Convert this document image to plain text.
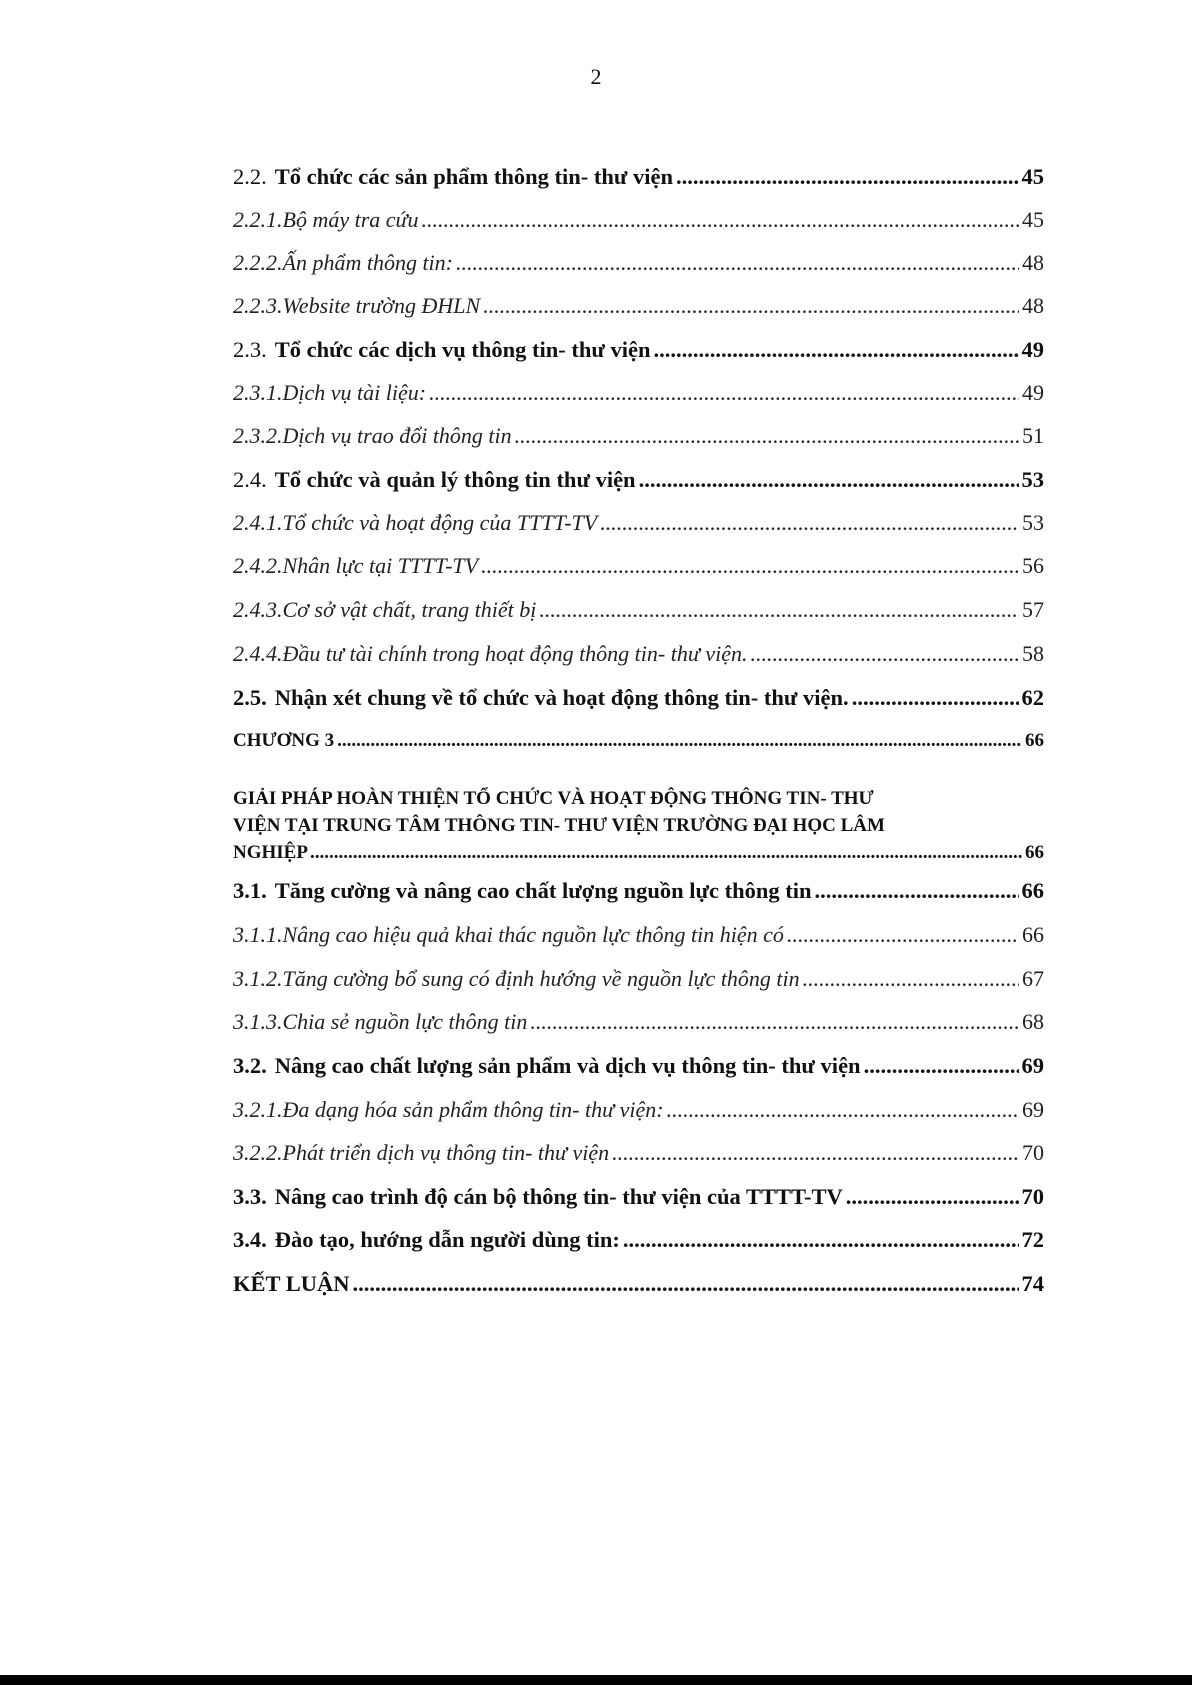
2
2.2. Tổ chức các sản phẩm thông tin- thư viện .....	45
2.2.1.Bộ máy tra cứu .....	45
2.2.2.Ấn phẩm thông tin: .....	48
2.2.3.Website trường ĐHLN .....	48
2.3. Tổ chức các dịch vụ thông tin- thư viện .....	49
2.3.1.Dịch vụ tài liệu: .....	49
2.3.2.Dịch vụ trao đổi thông tin .....	51
2.4. Tổ chức và quản lý thông tin thư viện .....	53
2.4.1.Tổ chức và hoạt động của TTTT-TV .....	53
2.4.2.Nhân lực tại TTTT-TV .....	56
2.4.3.Cơ sở vật chất, trang thiết bị .....	57
2.4.4.Đầu tư tài chính trong hoạt động thông tin- thư viện. .....	58
2.5. Nhận xét chung về tổ chức và hoạt động thông tin- thư viện. .....	62
CHƯƠNG 3 .....	66
GIẢI PHÁP HOÀN THIỆN TỔ CHỨC VÀ HOẠT ĐỘNG THÔNG TIN- THƯ
VIỆN TẠI TRUNG TÂM THÔNG TIN- THƯ VIỆN TRƯỜNG ĐẠI HỌC LÂM
NGHIỆP .....	66
3.1. Tăng cường và nâng cao chất lượng nguồn lực thông tin .....	66
3.1.1.Nâng cao hiệu quả khai thác nguồn lực thông tin hiện có .....	66
3.1.2.Tăng cường bổ sung có định hướng về nguồn lực thông tin .....	67
3.1.3.Chia sẻ nguồn lực thông tin .....	68
3.2. Nâng cao chất lượng sản phẩm và dịch vụ thông tin- thư viện .....	69
3.2.1.Đa dạng hóa sản phẩm thông tin- thư viện: .....	69
3.2.2.Phát triển dịch vụ thông tin- thư viện .....	70
3.3. Nâng cao trình độ cán bộ thông tin- thư viện của TTTT-TV .....	70
3.4. Đào tạo, hướng dẫn người dùng tin: .....	72
KẾT LUẬN .....	74
